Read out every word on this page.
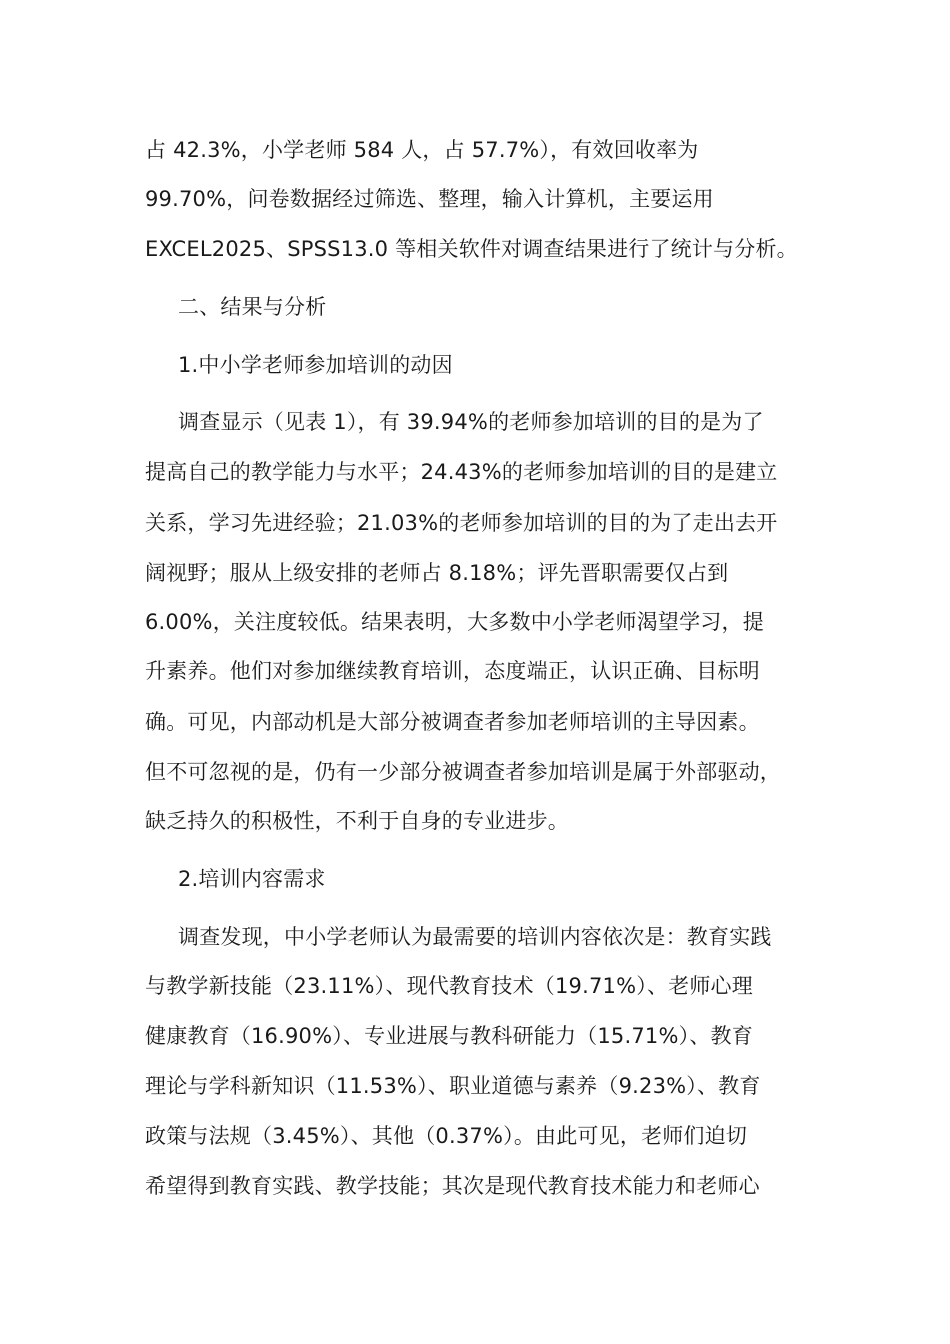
占 42.3%，小学老师 584 人，占 57.7%），有效回收率为
99.70%，问卷数据经过筛选、整理，输入计算机，主要运用
EXCEL2025、SPSS13.0 等相关软件对调查结果进行了统计与分析。
二、结果与分析
1.中小学老师参加培训的动因
调查显示（见表 1），有 39.94%的老师参加培训的目的是为了
提高自己的教学能力与水平；24.43%的老师参加培训的目的是建立
关系，学习先进经验；21.03%的老师参加培训的目的为了走出去开
阔视野；服从上级安排的老师占 8.18%；评先晋职需要仅占到
6.00%，关注度较低。结果表明，大多数中小学老师渴望学习，提
升素养。他们对参加继续教育培训，态度端正，认识正确、目标明
确。可见，内部动机是大部分被调查者参加老师培训的主导因素。
但不可忽视的是，仍有一少部分被调查者参加培训是属于外部驱动，
缺乏持久的积极性，不利于自身的专业进步。
2.培训内容需求
调查发现，中小学老师认为最需要的培训内容依次是：教育实践
与教学新技能（23.11%）、现代教育技术（19.71%）、老师心理
健康教育（16.90%）、专业进展与教科研能力（15.71%）、教育
理论与学科新知识（11.53%）、职业道德与素养（9.23%）、教育
政策与法规（3.45%）、其他（0.37%）。由此可见，老师们迫切
希望得到教育实践、教学技能；其次是现代教育技术能力和老师心
